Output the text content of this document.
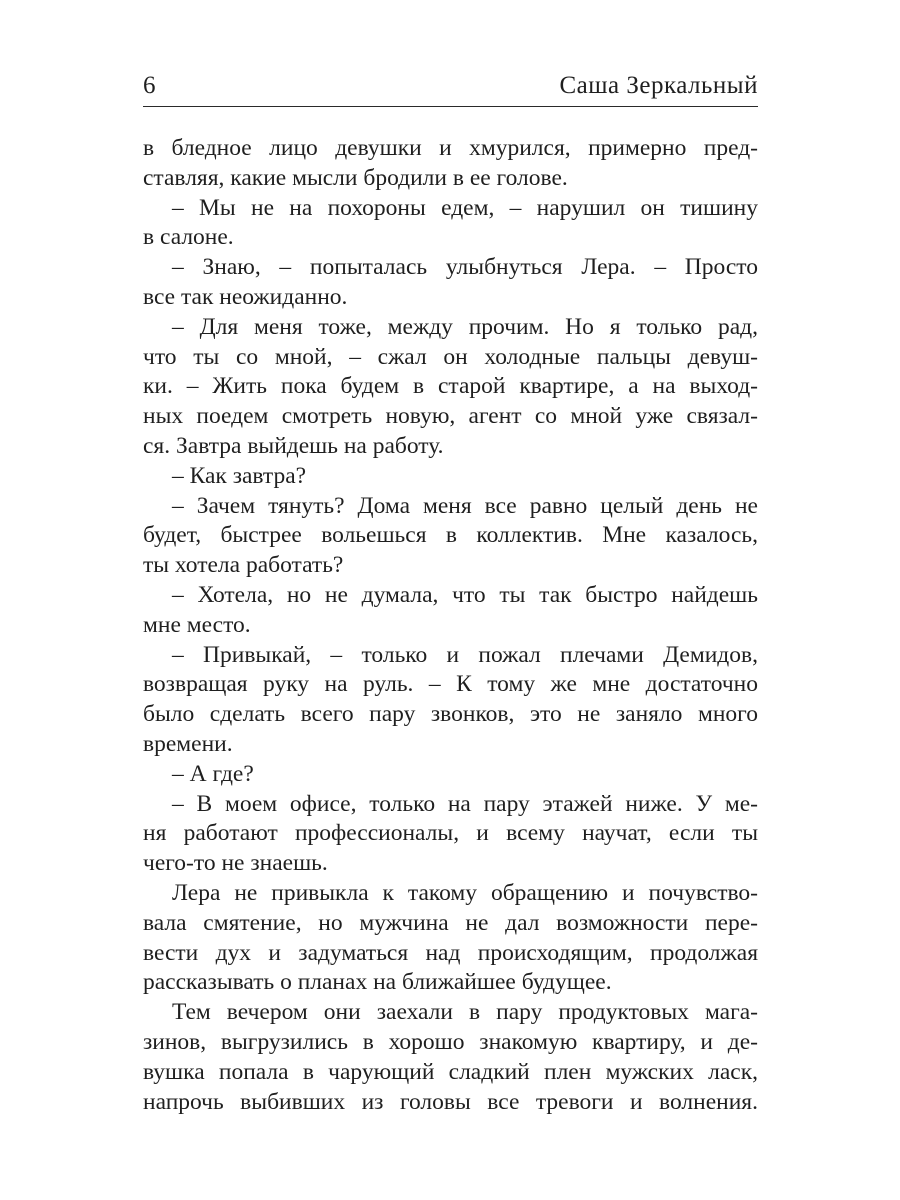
6	Саша Зеркальный
в бледное лицо девушки и хмурился, примерно пред-
ставляя, какие мысли бродили в ее голове.
– Мы не на похороны едем, – нарушил он тишину
в салоне.
– Знаю, – попыталась улыбнуться Лера. – Просто
все так неожиданно.
– Для меня тоже, между прочим. Но я только рад,
что ты со мной, – сжал он холодные пальцы девуш-
ки. – Жить пока будем в старой квартире, а на выход-
ных поедем смотреть новую, агент со мной уже связал-
ся. Завтра выйдешь на работу.
– Как завтра?
– Зачем тянуть? Дома меня все равно целый день не
будет, быстрее вольешься в коллектив. Мне казалось,
ты хотела работать?
– Хотела, но не думала, что ты так быстро найдешь
мне место.
– Привыкай, – только и пожал плечами Демидов,
возвращая руку на руль. – К тому же мне достаточно
было сделать всего пару звонков, это не заняло много
времени.
– А где?
– В моем офисе, только на пару этажей ниже. У ме-
ня работают профессионалы, и всему научат, если ты
чего-то не знаешь.
Лера не привыкла к такому обращению и почувство-
вала смятение, но мужчина не дал возможности пере-
вести дух и задуматься над происходящим, продолжая
рассказывать о планах на ближайшее будущее.
Тем вечером они заехали в пару продуктовых мага-
зинов, выгрузились в хорошо знакомую квартиру, и де-
вушка попала в чарующий сладкий плен мужских ласк,
напрочь выбивших из головы все тревоги и волнения.
